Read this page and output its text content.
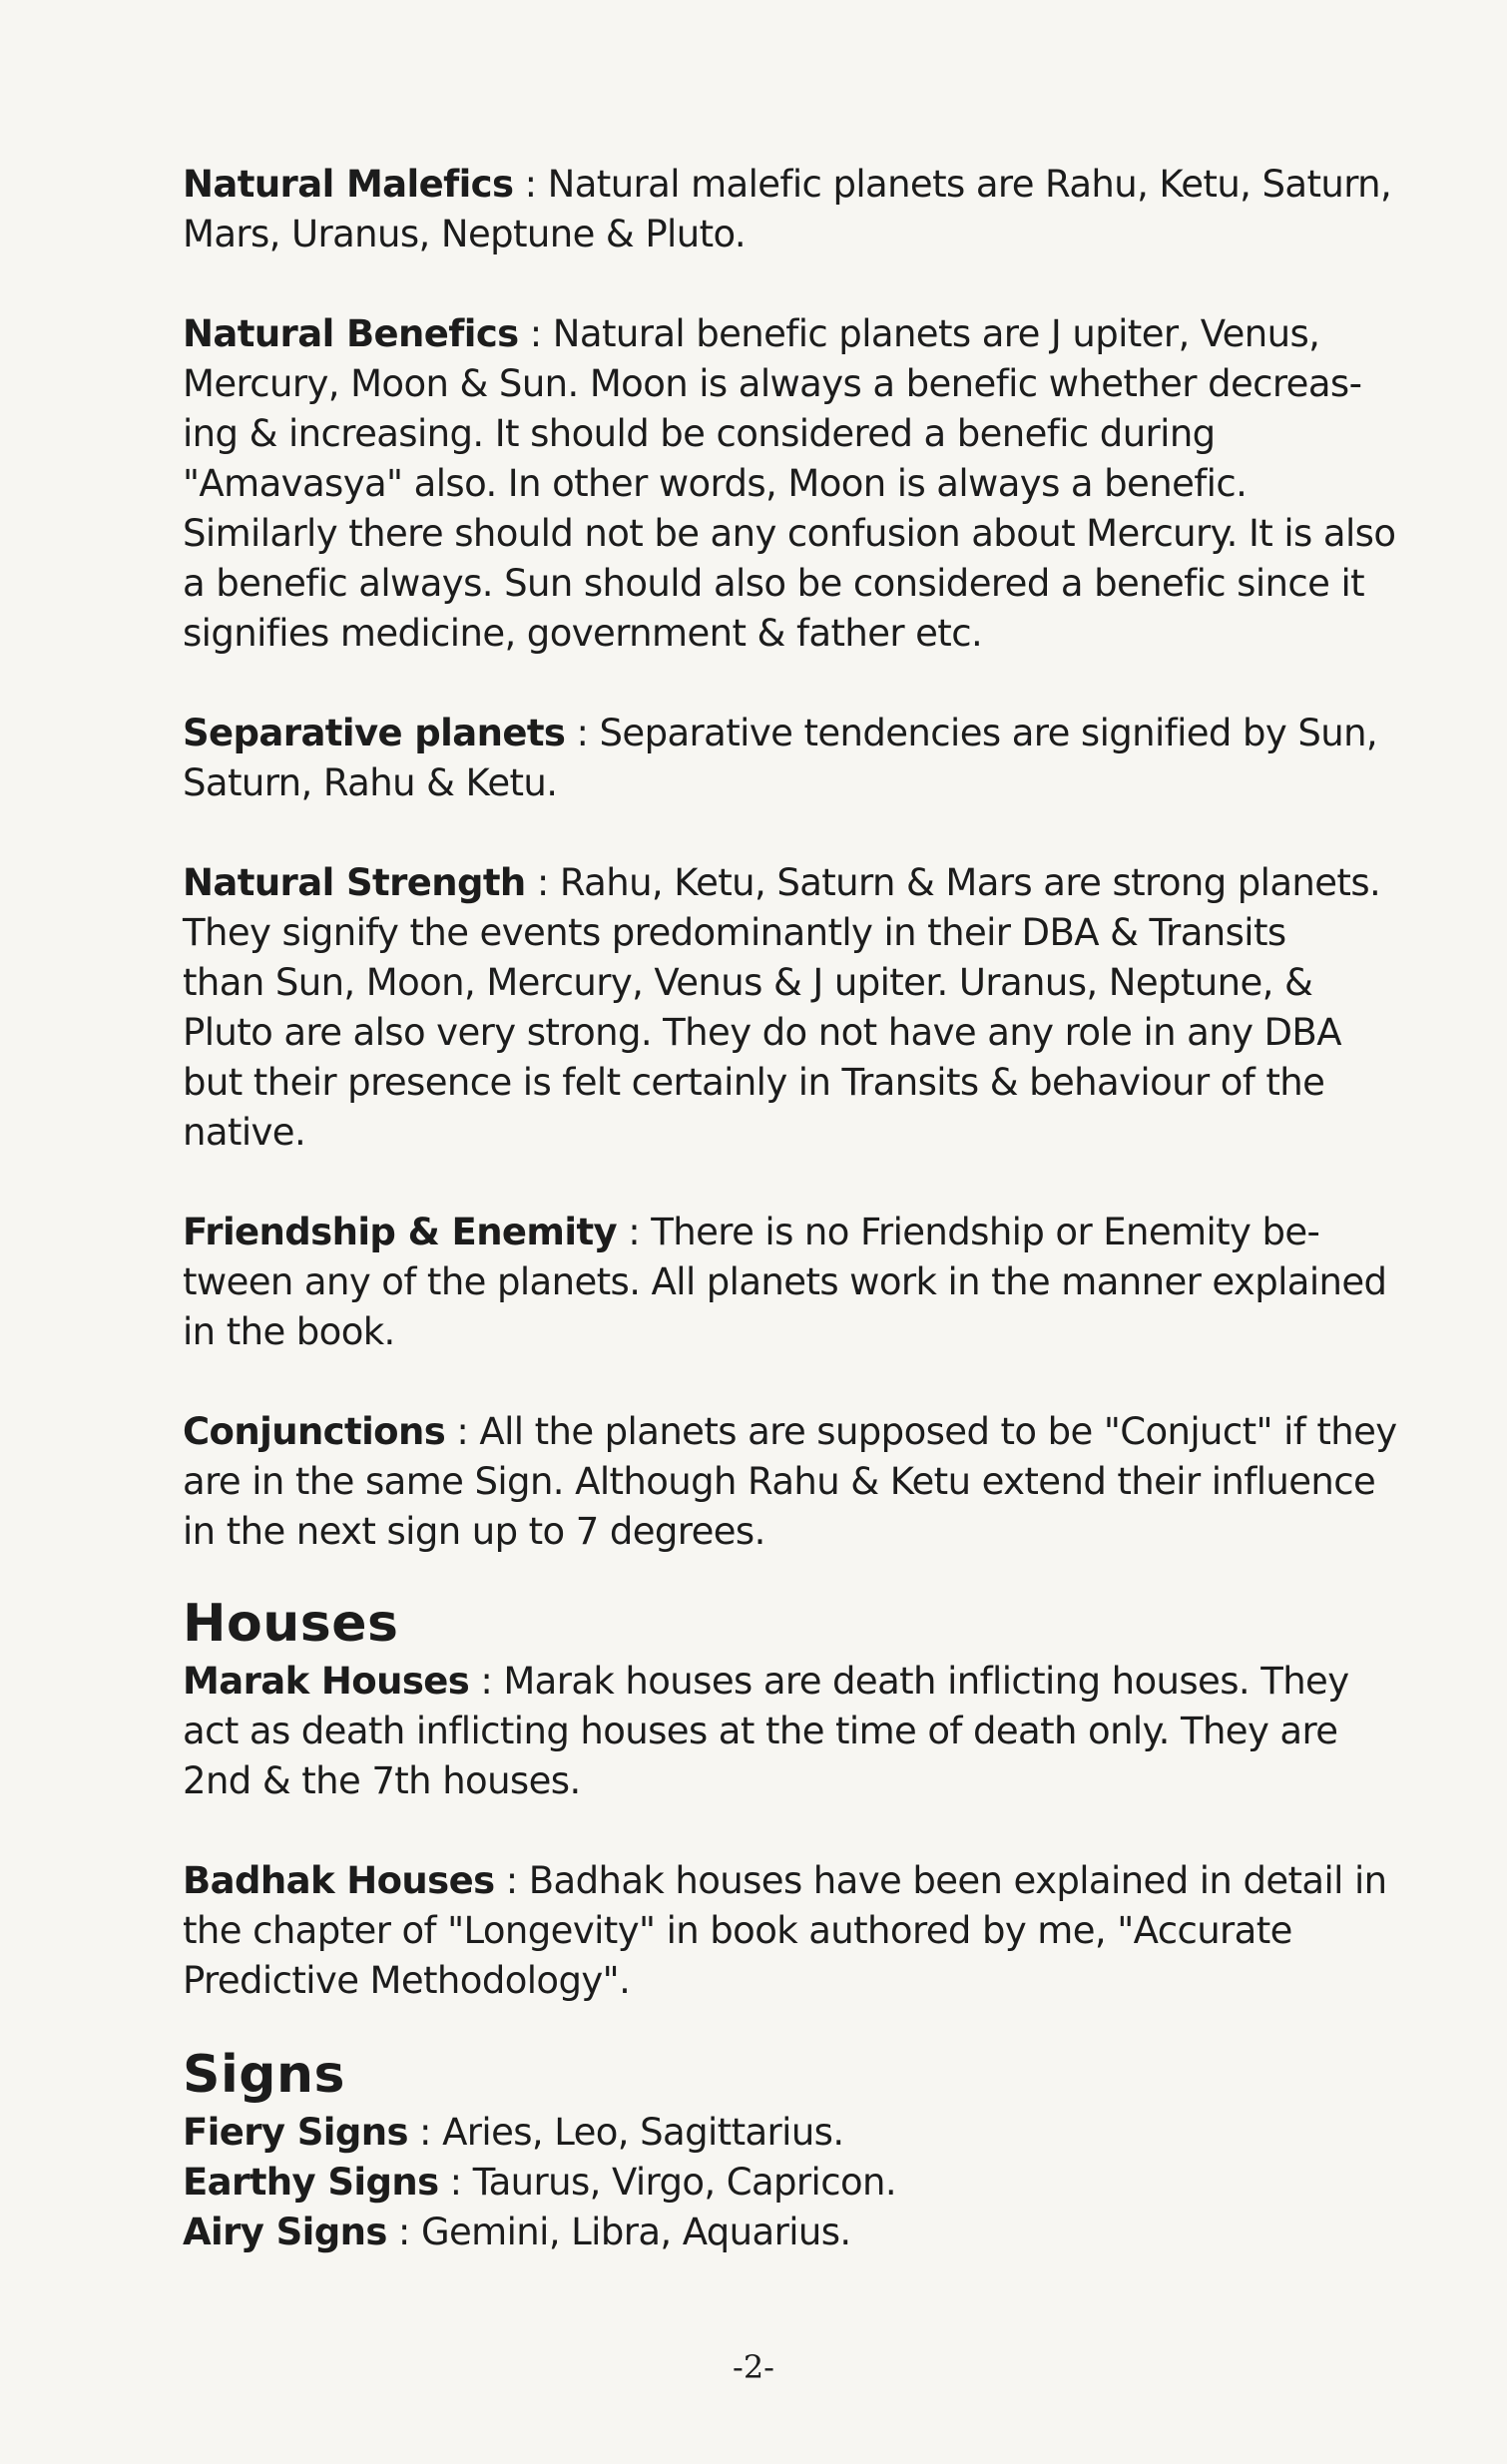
Natural Malefics : Natural malefic planets are Rahu, Ketu, Saturn,
Mars, Uranus, Neptune & Pluto.

Natural Benefics : Natural benefic planets are J upiter, Venus,
Mercury, Moon & Sun. Moon is always a benefic whether decreas-
ing & increasing. It should be considered a benefic during
"Amavasya" also. In other words, Moon is always a benefic.
Similarly there should not be any confusion about Mercury. It is also
a benefic always. Sun should also be considered a benefic since it
signifies medicine, government & father etc.

Separative planets : Separative tendencies are signified by Sun,
Saturn, Rahu & Ketu.

Natural Strength : Rahu, Ketu, Saturn & Mars are strong planets.
They signify the events predominantly in their DBA & Transits
than Sun, Moon, Mercury, Venus & J upiter. Uranus, Neptune, &
Pluto are also very strong. They do not have any role in any DBA
but their presence is felt certainly in Transits & behaviour of the
native.

Friendship & Enemity : There is no Friendship or Enemity be-
tween any of the planets. All planets work in the manner explained
in the book.

Conjunctions : All the planets are supposed to be "Conjuct" if they
are in the same Sign. Although Rahu & Ketu extend their influence
in the next sign up to 7 degrees.

Houses

Marak Houses : Marak houses are death inflicting houses. They
act as death inflicting houses at the time of death only. They are
2nd & the 7th houses.

Badhak Houses : Badhak houses have been explained in detail in
the chapter of "Longevity" in book authored by me, "Accurate
Predictive Methodology".

Signs

Fiery Signs : Aries, Leo, Sagittarius.

Earthy Signs : Taurus, Virgo, Capricon.

Airy Signs : Gemini, Libra, Aquarius.

-2-
